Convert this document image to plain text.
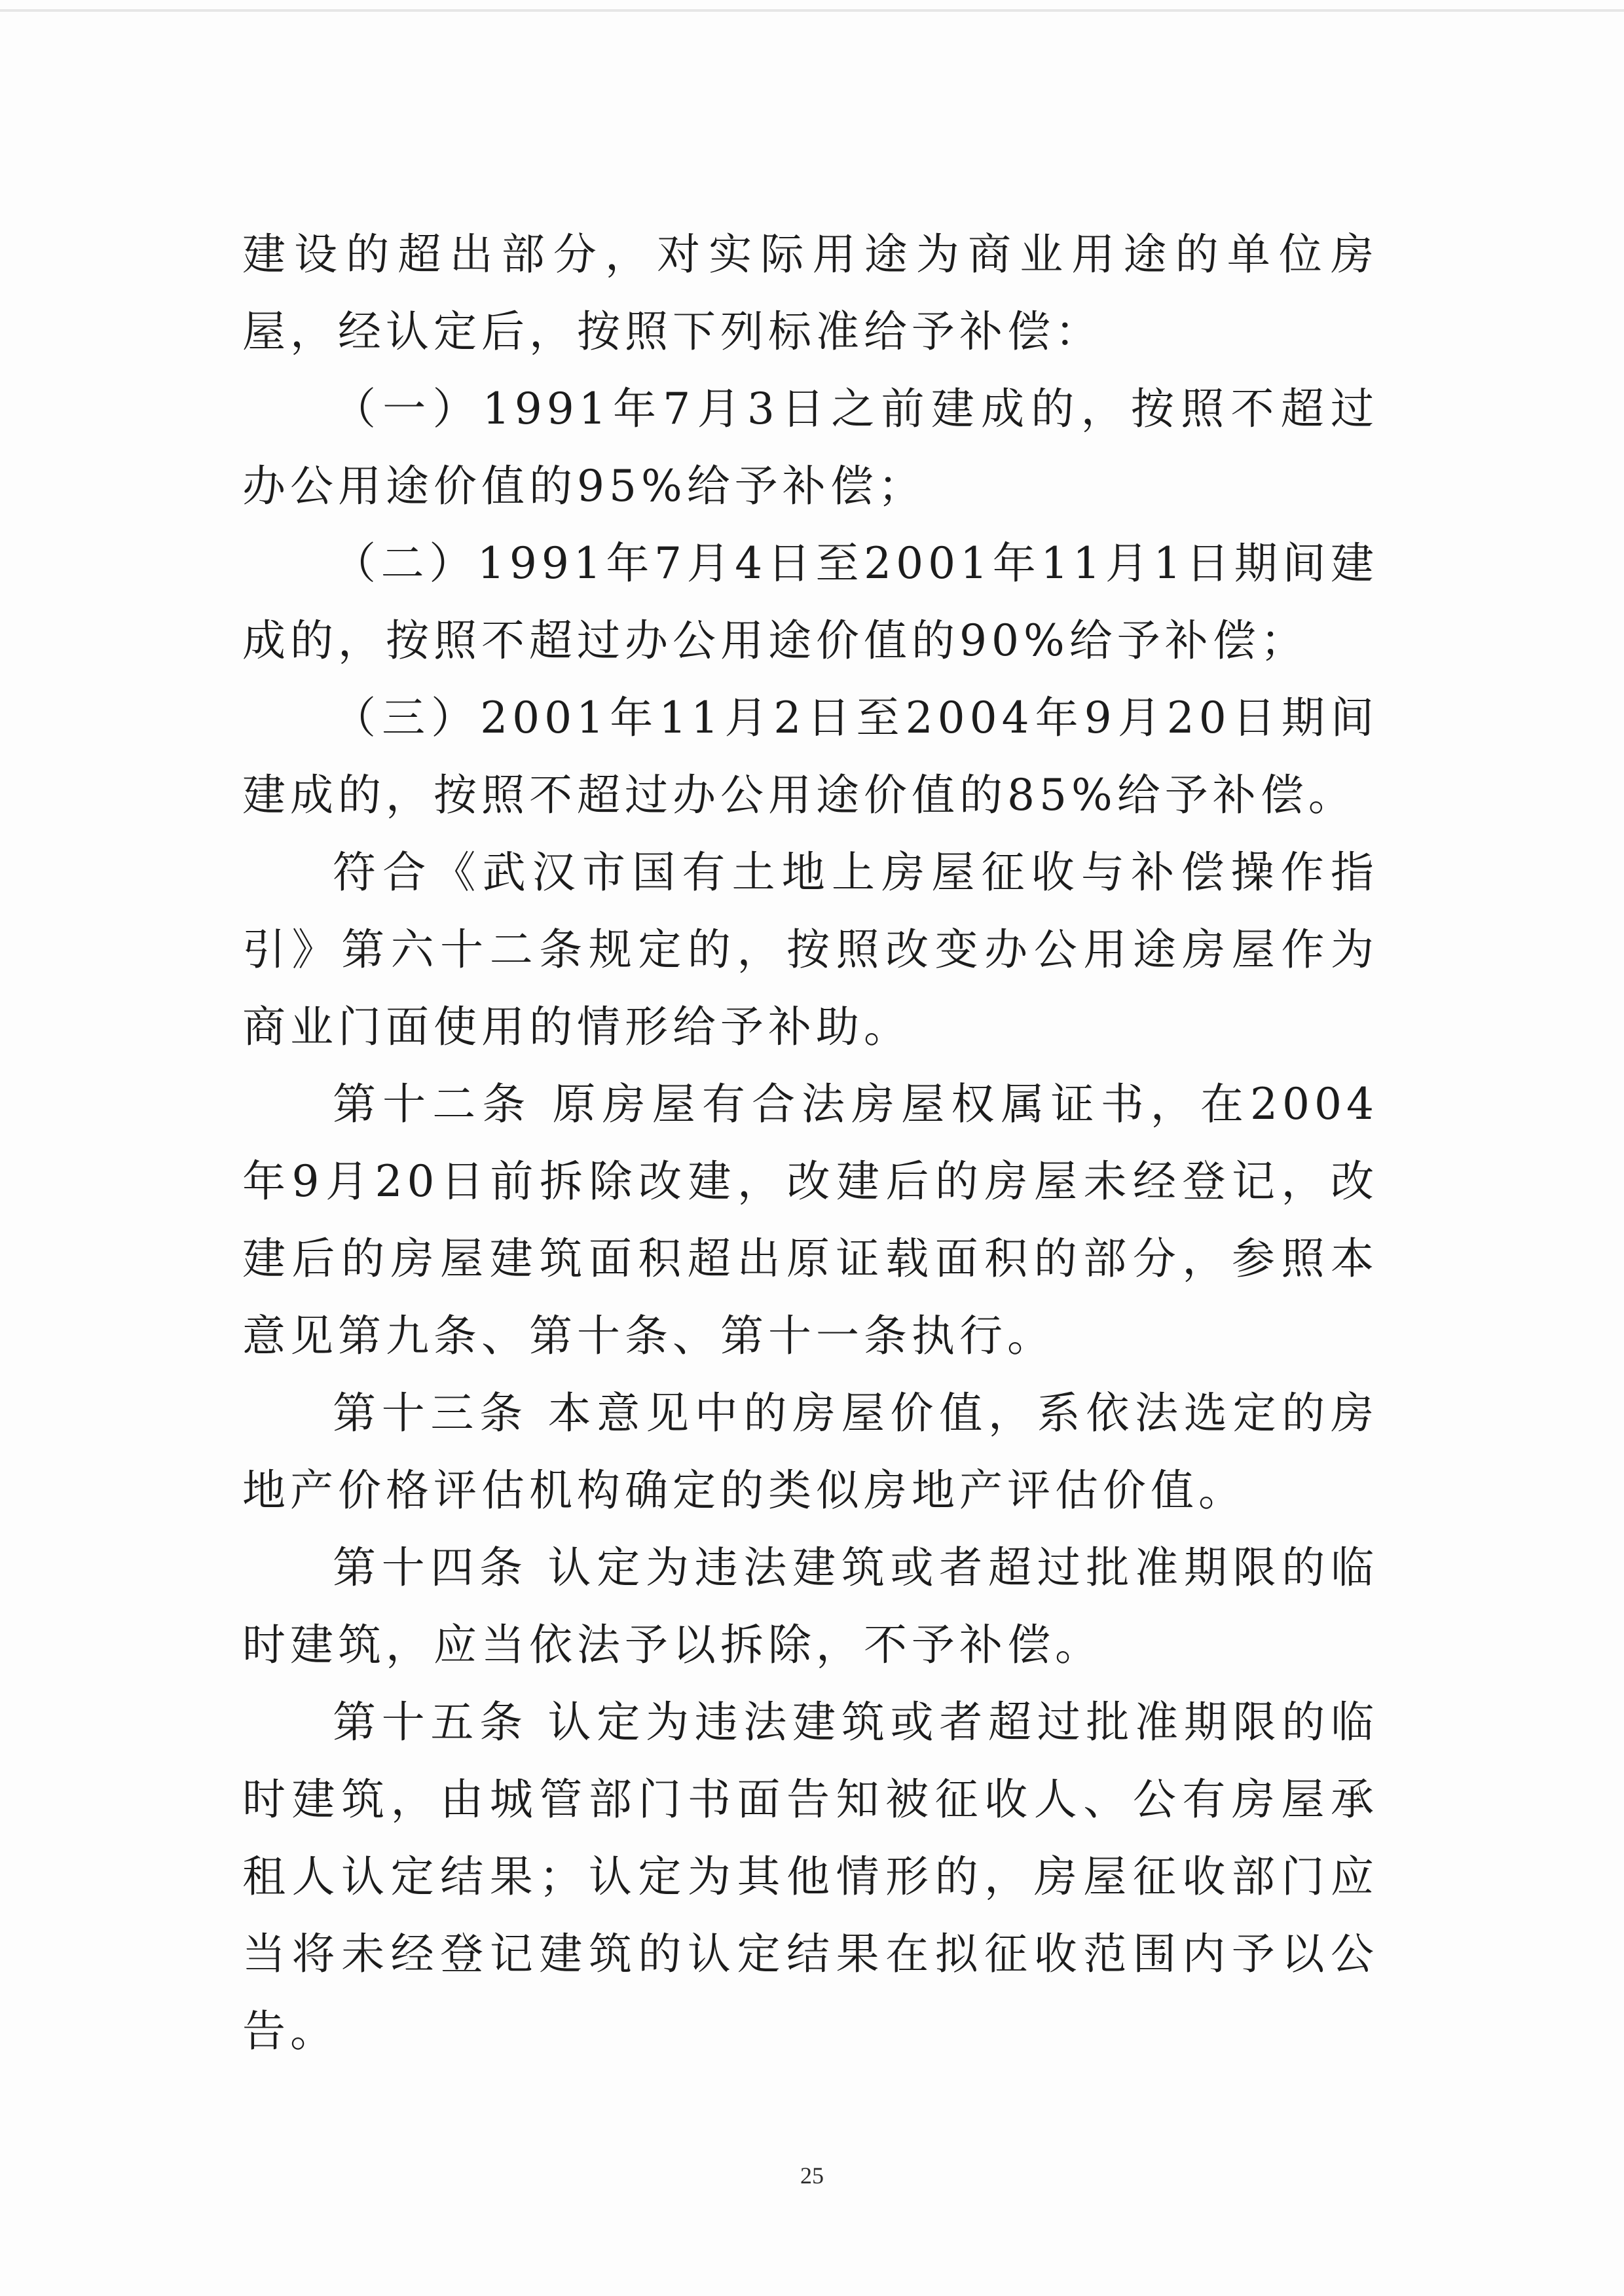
建设的超出部分，对实际用途为商业用途的单位房屋，经认定后，按照下列标准给予补偿：

（一）1991年7月3日之前建成的，按照不超过办公用途价值的95%给予补偿；

（二）1991年7月4日至2001年11月1日期间建成的，按照不超过办公用途价值的90%给予补偿；

（三）2001年11月2日至2004年9月20日期间建成的，按照不超过办公用途价值的85%给予补偿。

符合《武汉市国有土地上房屋征收与补偿操作指引》第六十二条规定的，按照改变办公用途房屋作为商业门面使用的情形给予补助。

第十二条 原房屋有合法房屋权属证书，在2004年9月20日前拆除改建，改建后的房屋未经登记，改建后的房屋建筑面积超出原证载面积的部分，参照本意见第九条、第十条、第十一条执行。

第十三条 本意见中的房屋价值，系依法选定的房地产价格评估机构确定的类似房地产评估价值。

第十四条 认定为违法建筑或者超过批准期限的临时建筑，应当依法予以拆除，不予补偿。

第十五条 认定为违法建筑或者超过批准期限的临时建筑，由城管部门书面告知被征收人、公有房屋承租人认定结果；认定为其他情形的，房屋征收部门应当将未经登记建筑的认定结果在拟征收范围内予以公告。

25
